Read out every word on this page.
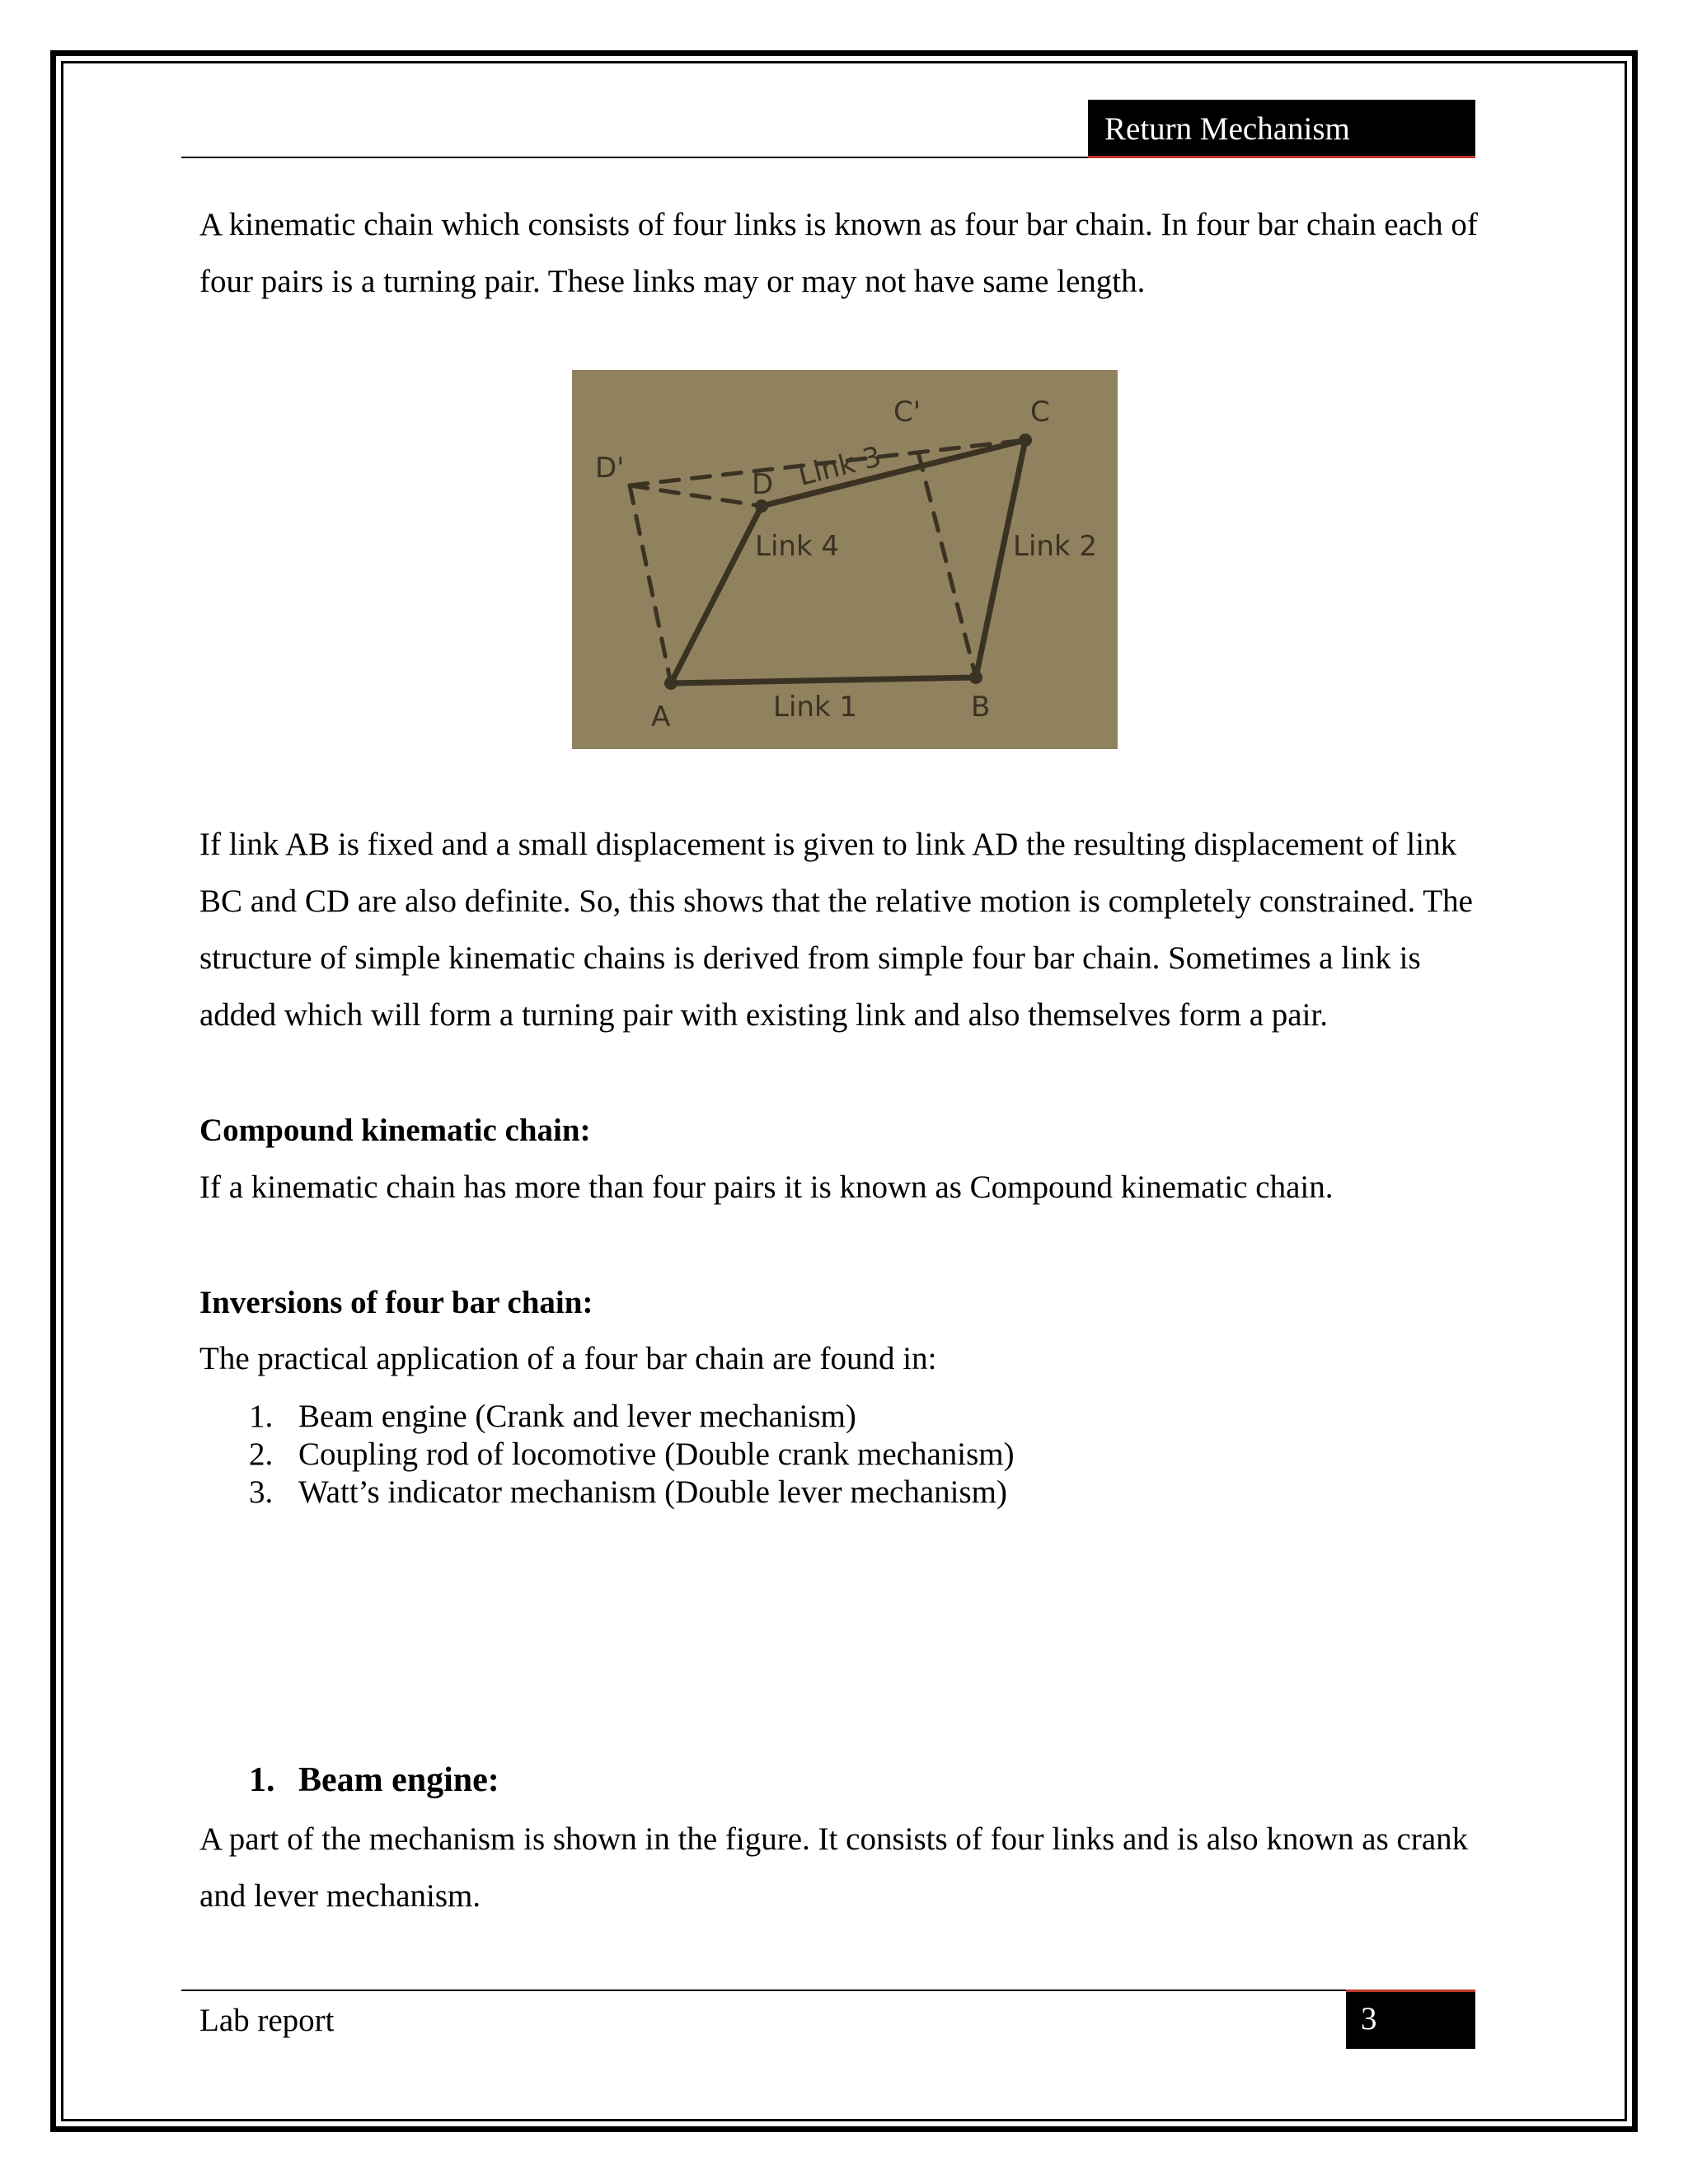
Return Mechanism

A kinematic chain which consists of four links is known as four bar chain. In four bar chain each of four pairs is a turning pair. These links may or may not have same length.

D'
C'	C
D Link 3
Link 4	Link 2
A	Link 1	B

If link AB is fixed and a small displacement is given to link AD the resulting displacement of link BC and CD are also definite. So, this shows that the relative motion is completely constrained. The structure of simple kinematic chains is derived from simple four bar chain. Sometimes a link is added which will form a turning pair with existing link and also themselves form a pair.

Compound kinematic chain:

If a kinematic chain has more than four pairs it is known as Compound kinematic chain.

Inversions of four bar chain:

The practical application of a four bar chain are found in:

1. Beam engine (Crank and lever mechanism)
2. Coupling rod of locomotive (Double crank mechanism)
3. Watt’s indicator mechanism (Double lever mechanism)
1. Beam engine:

A part of the mechanism is shown in the figure. It consists of four links and is also known as crank and lever mechanism.

Lab report	3
